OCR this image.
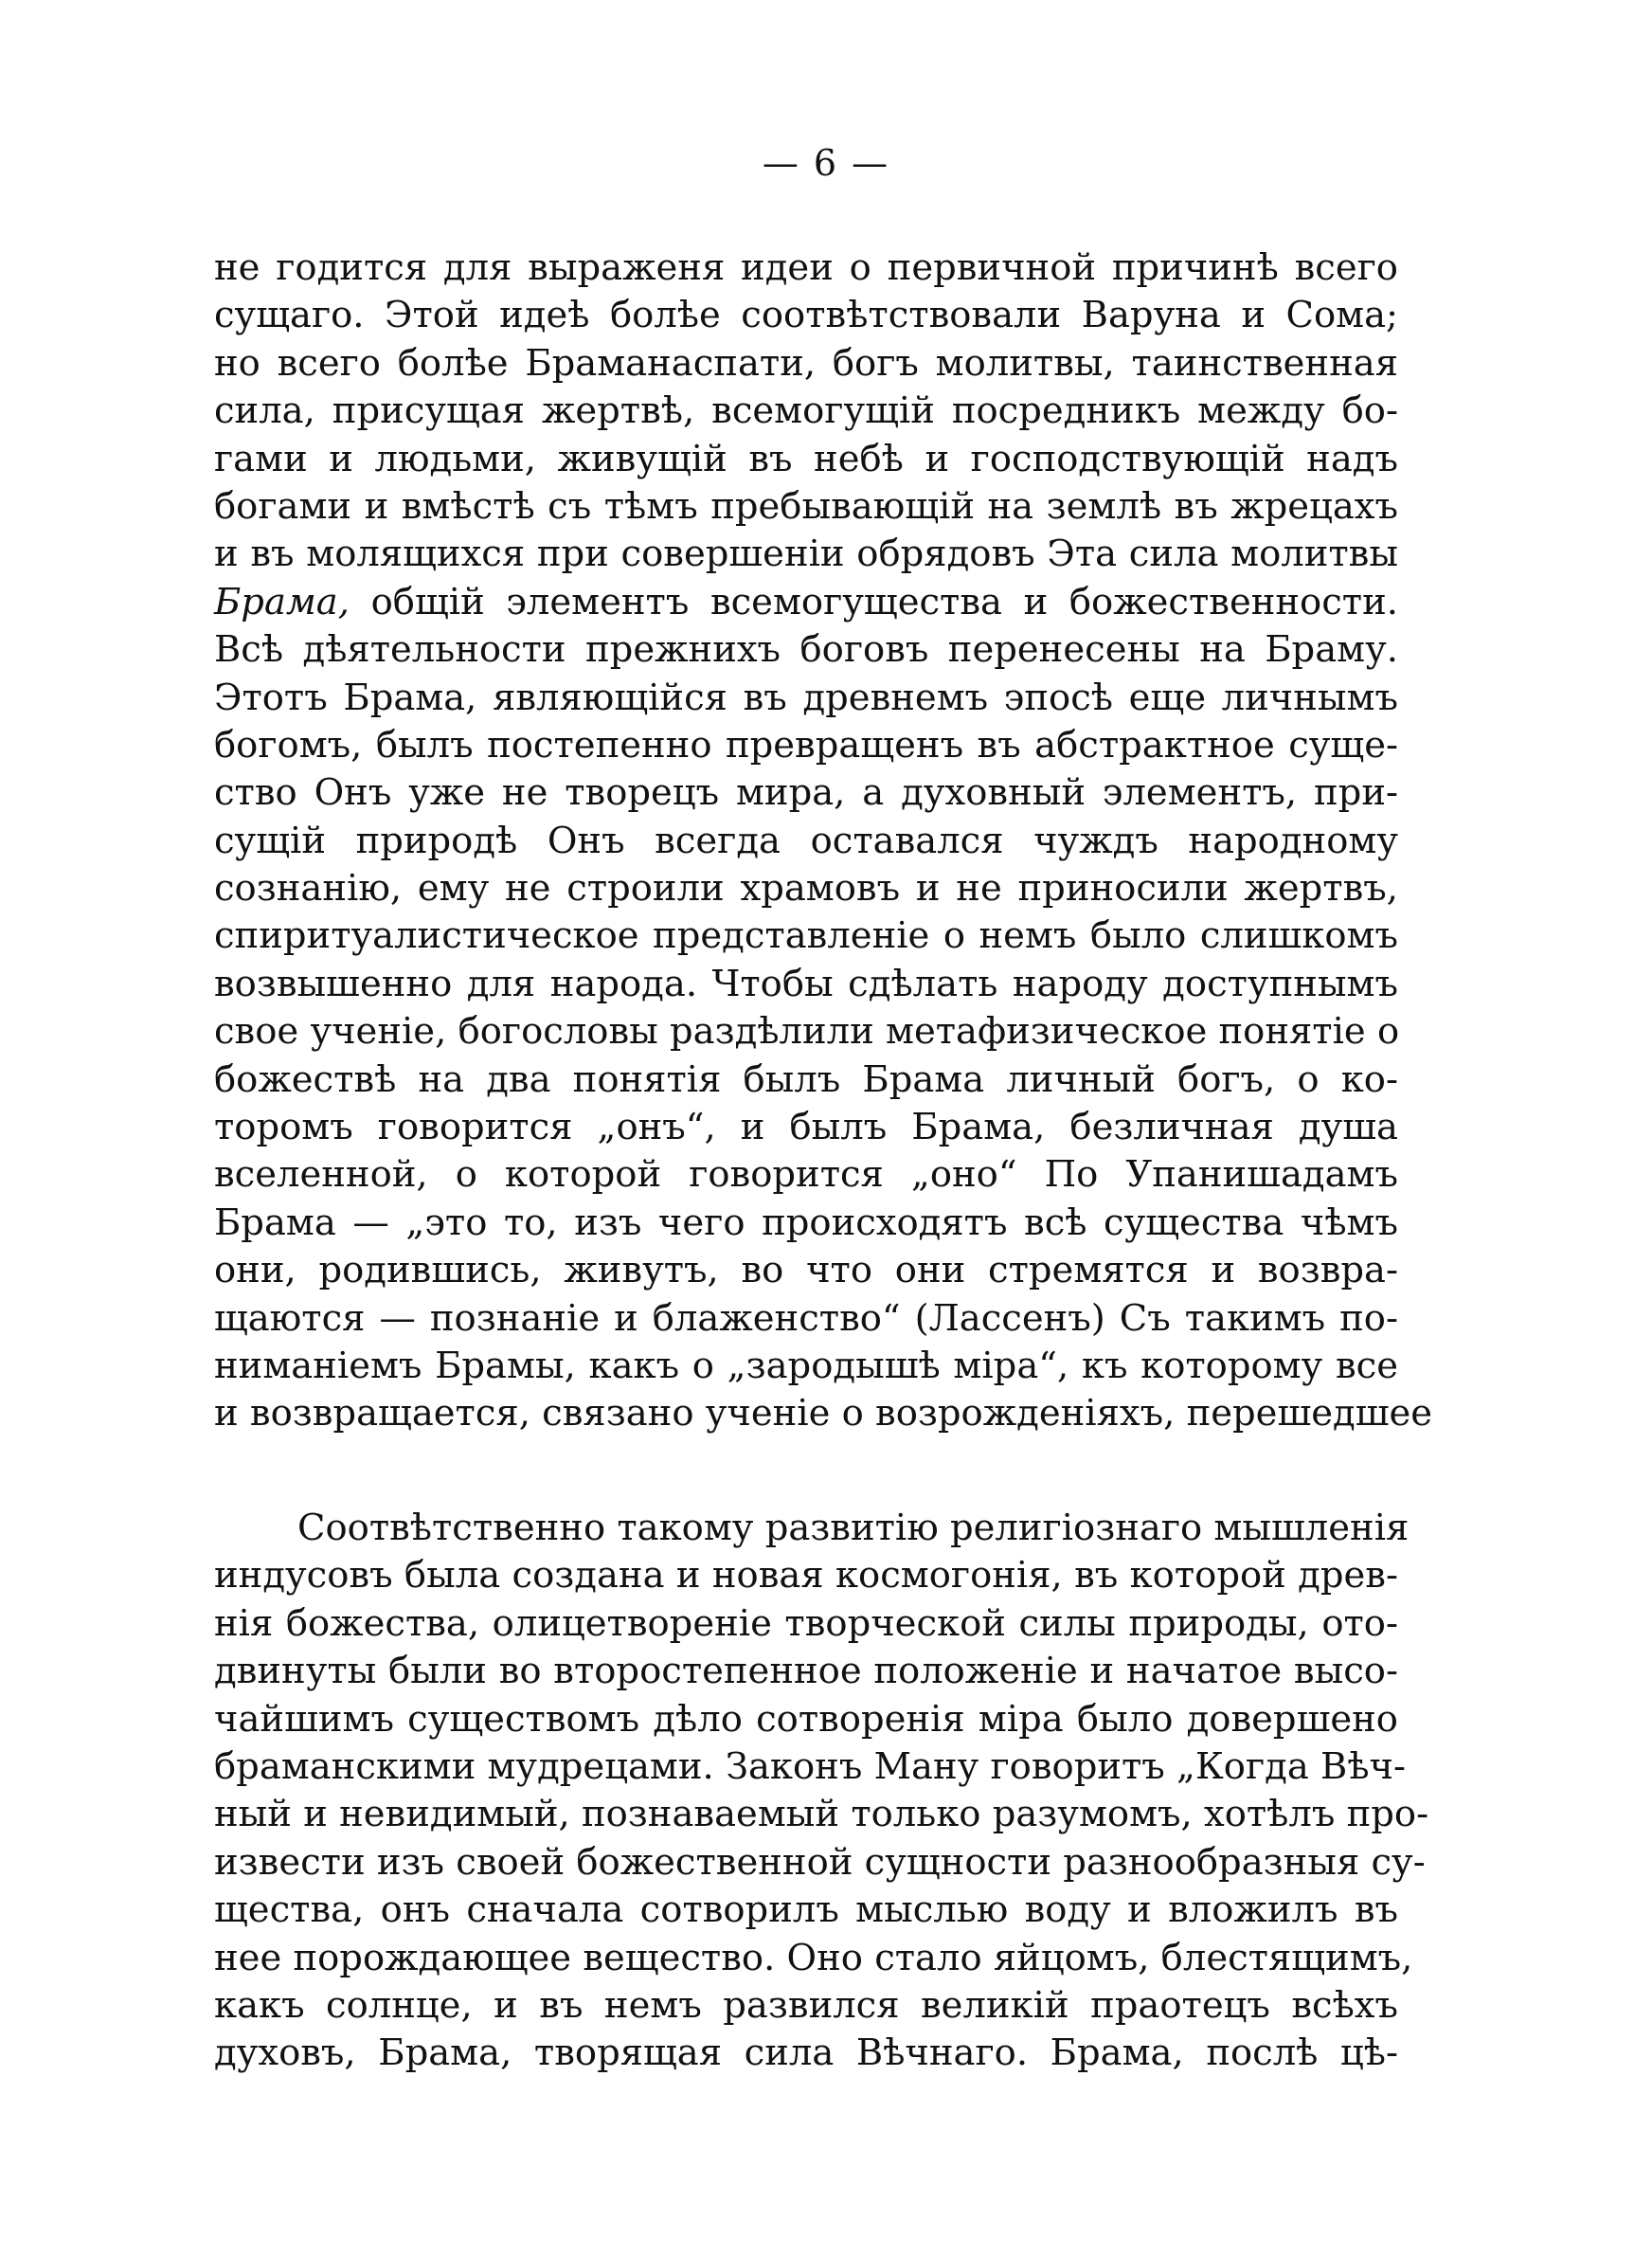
— 6 —
не годится для выраженя идеи о первичной причинѣ всего
сущаго. Этой идеѣ болѣе соотвѣтствовали Варуна и Сома;
но всего болѣе Браманаспати, богъ молитвы, таинственная
сила, присущая жертвѣ, всемогущій посредникъ между бо-
гами и людьми, живущій въ небѣ и господствующій надъ
богами и вмѣстѣ съ тѣмъ пребывающій на землѣ въ жрецахъ
и въ молящихся при совершенiи обрядовъ Эта сила молитвы
Брама, общій элементъ всемогущества и божественности.
Всѣ дѣятельности прежнихъ боговъ перенесены на Браму.
Этотъ Брама, являющійся въ древнемъ эпосѣ еще личнымъ
богомъ, былъ постепенно превращенъ въ абстрактное суще-
ство Онъ уже не творецъ мира, а духовный элементъ, при-
сущій природѣ Онъ всегда оставался чуждъ народному
сознанію, ему не строили храмовъ и не приносили жертвъ,
спиритуалистическое представленіе о немъ было слишкомъ
возвышенно для народа. Чтобы сдѣлать народу доступнымъ
свое ученіе, богословы раздѣлили метафизическое понятіе о
божествѣ на два понятія былъ Брама личный богъ, о ко-
торомъ говорится „онъ“, и былъ Брама, безличная душа
вселенной, о которой говорится „оно“ По Упанишадамъ
Брама — „это то, изъ чего происходятъ всѣ существа чѣмъ
они, родившись, живутъ, во что они стремятся и возвра-
щаются — познаніе и блаженство“ (Лассенъ) Съ такимъ по-
ниманіемъ Брамы, какъ о „зародышѣ міра“, къ которому все
и возвращается, связано ученіе о возрожденіяхъ, перешедшее
Соотвѣтственно такому развитію религіознаго мышленія
индусовъ была создана и новая космогонія, въ которой древ-
нія божества, олицетворенiе творческой силы природы, ото-
двинуты были во второстепенное положеніе и начатое высо-
чайшимъ существомъ дѣло сотворенія міра было довершено
браманскими мудрецами. Законъ Ману говоритъ „Когда Вѣч-
ный и невидимый, познаваемый только разумомъ, хотѣлъ про-
извести изъ своей божественной сущности разнообразныя су-
щества, онъ сначала сотворилъ мыслью воду и вложилъ въ
нее порождающее вещество. Оно стало яйцомъ, блестящимъ,
какъ солнце, и въ немъ развился великій праотецъ всѣхъ
духовъ, Брама, творящая сила Вѣчнаго. Брама, послѣ цѣ-
